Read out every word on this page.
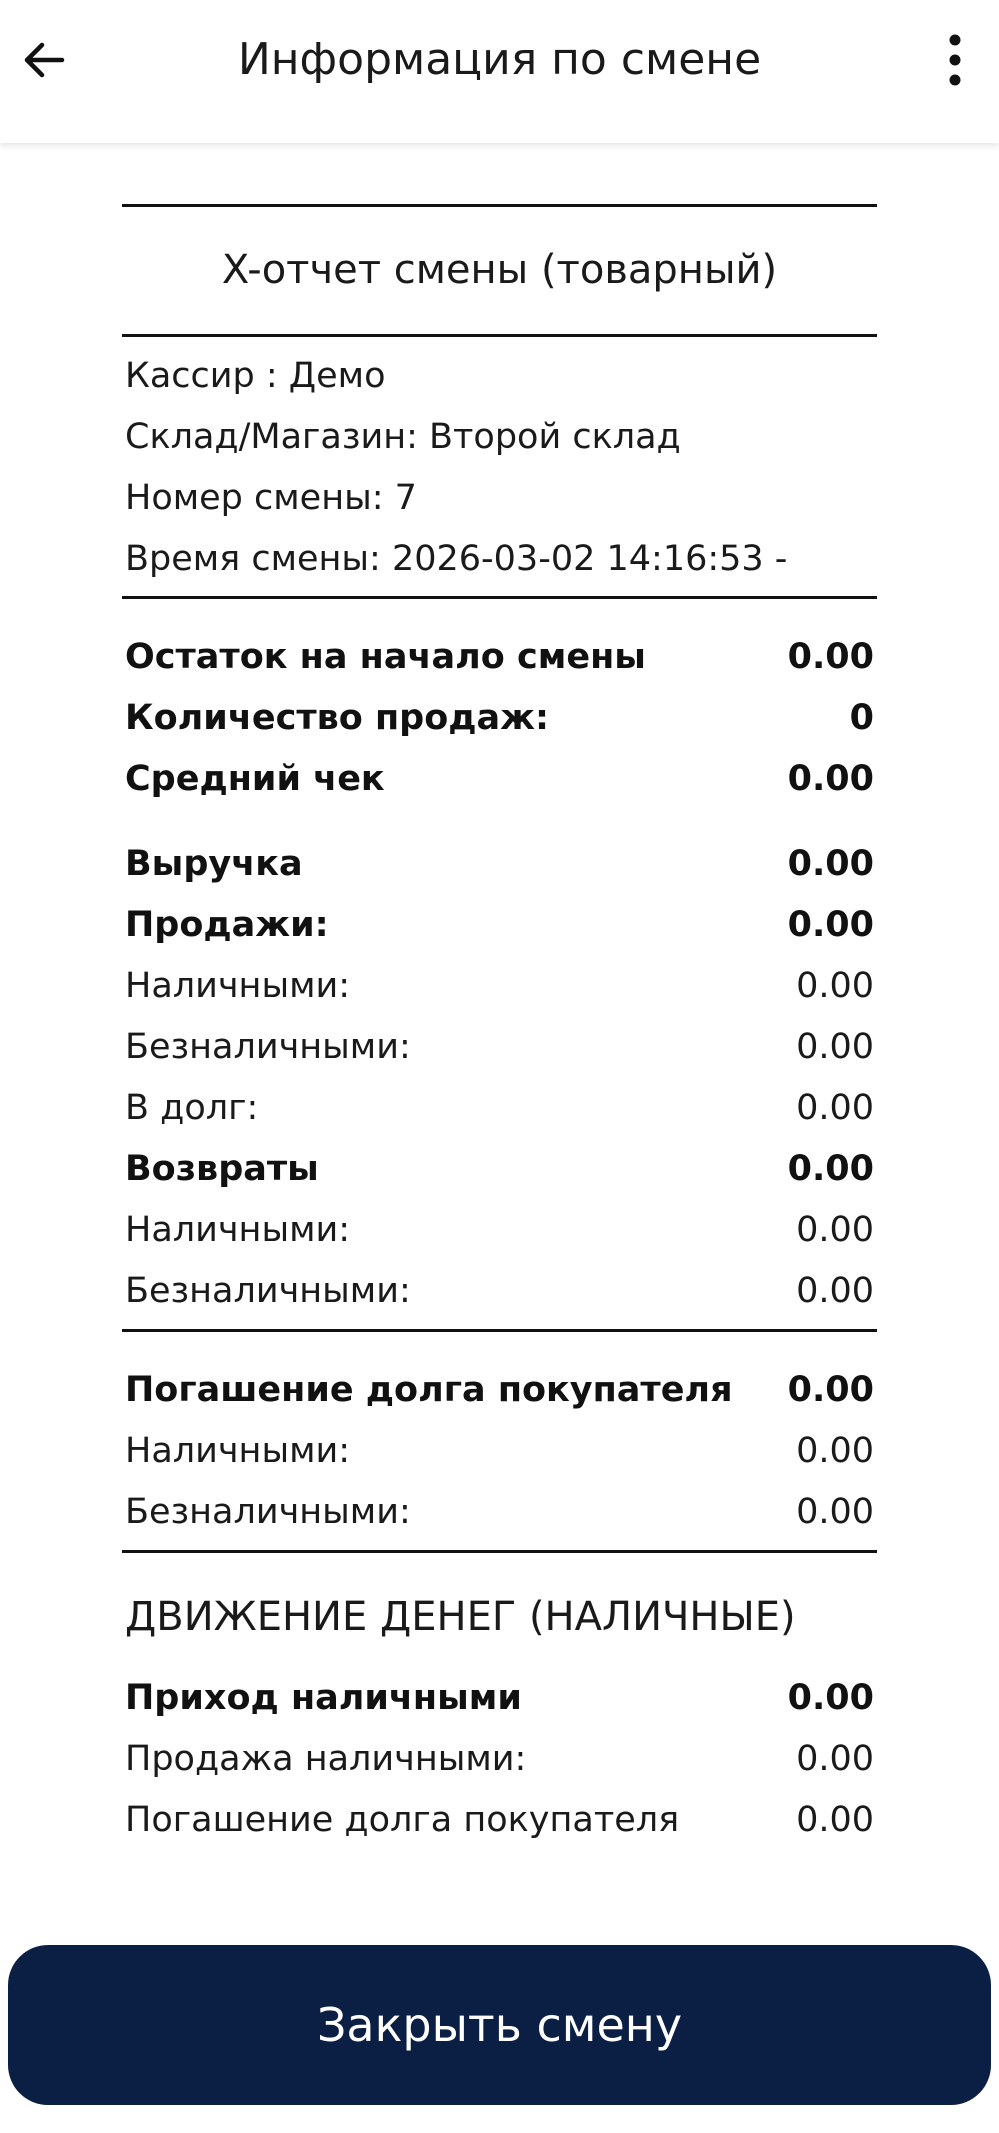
Информация по смене
X-отчет смены (товарный)
Кассир : Демо
Склад/Магазин: Второй склад
Номер смены: 7
Время смены: 2026-03-02 14:16:53 -
Остаток на начало смены	0.00
Количество продаж:	0
Средний чек	0.00
Выручка	0.00
Продажи:	0.00
Наличными:	0.00
Безналичными:	0.00
В долг:	0.00
Возвраты	0.00
Наличными:	0.00
Безналичными:	0.00
Погашение долга покупателя 0.00
Наличными:	0.00
Безналичными:	0.00
ДВИЖЕНИЕ ДЕНЕГ (НАЛИЧНЫЕ)
Приход наличными	0.00
Продажа наличными:	0.00
Погашение долга покупателя	0.00
Закрыть смену
